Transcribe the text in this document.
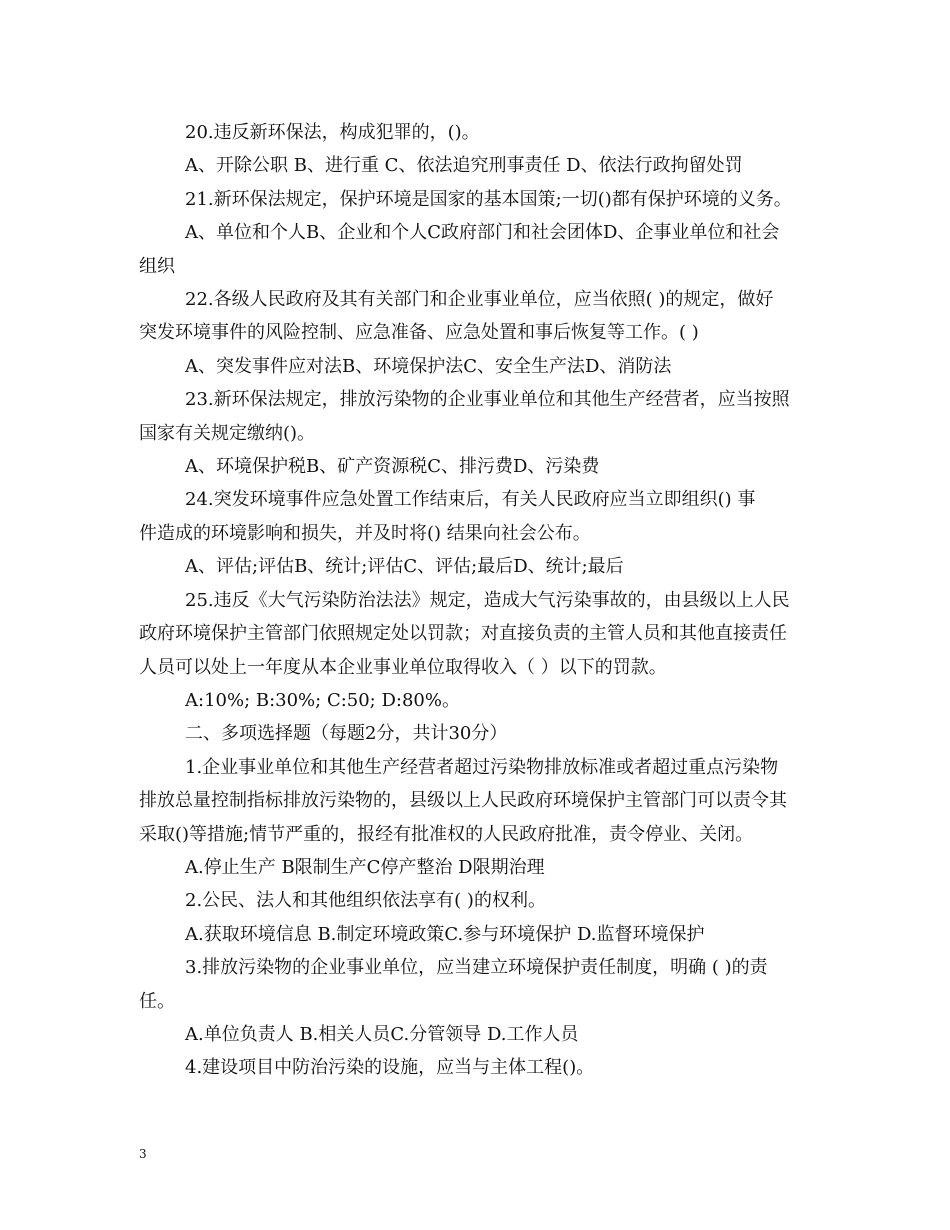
20.违反新环保法，构成犯罪的，()。
A、开除公职 B、进行重 C、依法追究刑事责任 D、依法行政拘留处罚
21.新环保法规定，保护环境是国家的基本国策;一切()都有保护环境的义务。
A、单位和个人B、企业和个人C政府部门和社会团体D、企事业单位和社会
组织
22.各级人民政府及其有关部门和企业事业单位，应当依照( )的规定，做好
突发环境事件的风险控制、应急准备、应急处置和事后恢复等工作。( )
A、突发事件应对法B、环境保护法C、安全生产法D、消防法
23.新环保法规定，排放污染物的企业事业单位和其他生产经营者，应当按照
国家有关规定缴纳()。
A、环境保护税B、矿产资源税C、排污费D、污染费
24.突发环境事件应急处置工作结束后，有关人民政府应当立即组织() 事
件造成的环境影响和损失，并及时将() 结果向社会公布。
A、评估;评估B、统计;评估C、评估;最后D、统计;最后
25.违反《大气污染防治法法》规定，造成大气污染事故的，由县级以上人民
政府环境保护主管部门依照规定处以罚款；对直接负责的主管人员和其他直接责任
人员可以处上一年度从本企业事业单位取得收入（ ）以下的罚款。
A:10%; B:30%; C:50; D:80%。
二、多项选择题（每题2分，共计30分）
1.企业事业单位和其他生产经营者超过污染物排放标准或者超过重点污染物
排放总量控制指标排放污染物的，县级以上人民政府环境保护主管部门可以责令其
采取()等措施;情节严重的，报经有批准权的人民政府批准，责令停业、关闭。
A.停止生产 B限制生产C停产整治 D限期治理
2.公民、法人和其他组织依法享有( )的权利。
A.获取环境信息 B.制定环境政策C.参与环境保护 D.监督环境保护
3.排放污染物的企业事业单位，应当建立环境保护责任制度，明确 ( )的责
任。
A.单位负责人 B.相关人员C.分管领导 D.工作人员
4.建设项目中防治污染的设施，应当与主体工程()。
3
